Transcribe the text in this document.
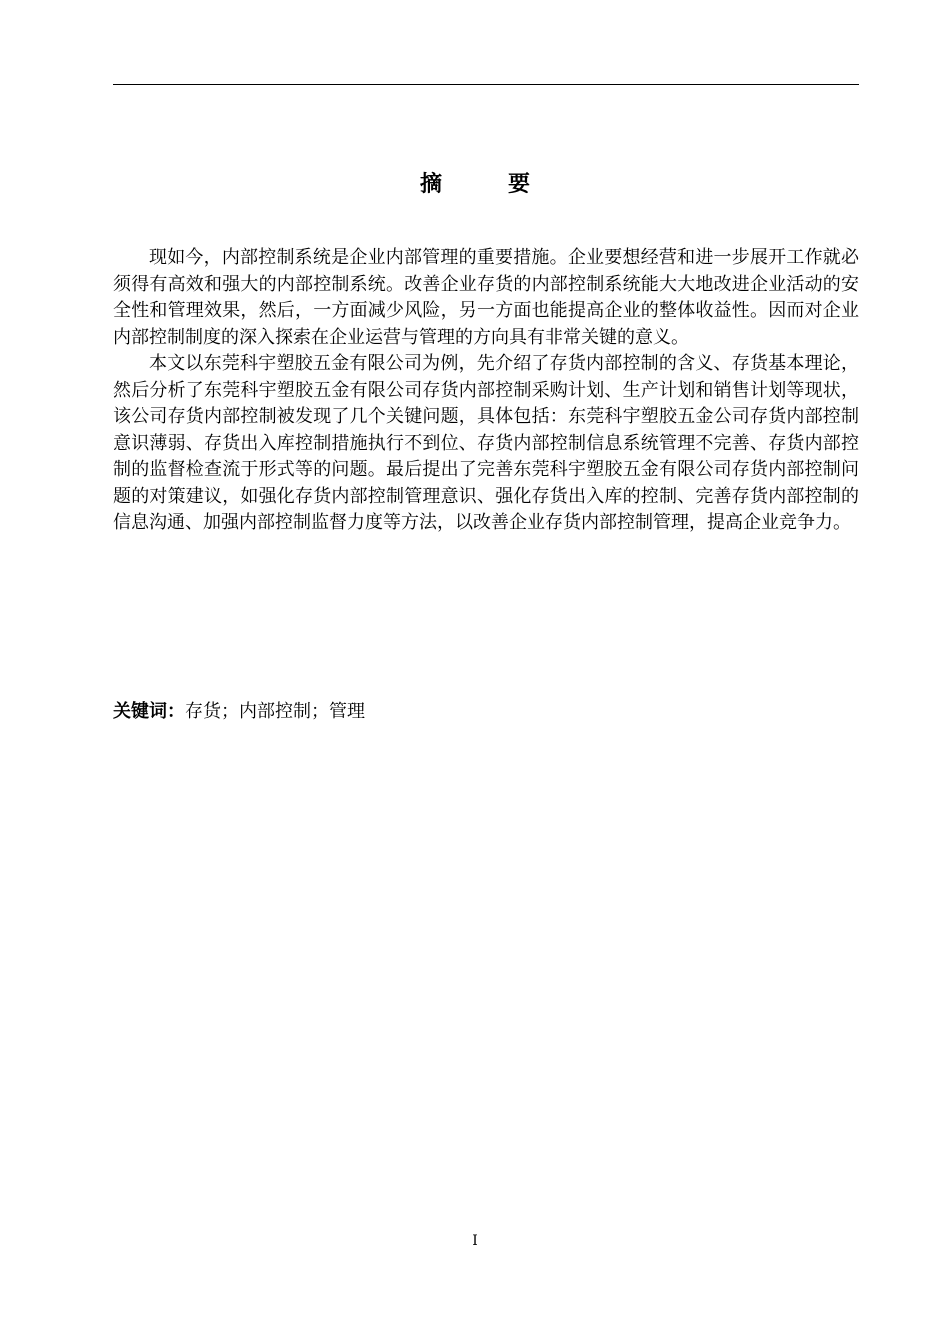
摘　要

现如今，内部控制系统是企业内部管理的重要措施。企业要想经营和进一步展开工作就必须得有高效和强大的内部控制系统。改善企业存货的内部控制系统能大大地改进企业活动的安全性和管理效果，然后，一方面减少风险，另一方面也能提高企业的整体收益性。因而对企业内部控制制度的深入探索在企业运营与管理的方向具有非常关键的意义。

本文以东莞科宇塑胶五金有限公司为例，先介绍了存货内部控制的含义、存货基本理论，然后分析了东莞科宇塑胶五金有限公司存货内部控制采购计划、生产计划和销售计划等现状，该公司存货内部控制被发现了几个关键问题，具体包括：东莞科宇塑胶五金公司存货内部控制意识薄弱、存货出入库控制措施执行不到位、存货内部控制信息系统管理不完善、存货内部控制的监督检查流于形式等的问题。最后提出了完善东莞科宇塑胶五金有限公司存货内部控制问题的对策建议，如强化存货内部控制管理意识、强化存货出入库的控制、完善存货内部控制的信息沟通、加强内部控制监督力度等方法，以改善企业存货内部控制管理，提高企业竞争力。

关键词：存货；内部控制；管理
I
